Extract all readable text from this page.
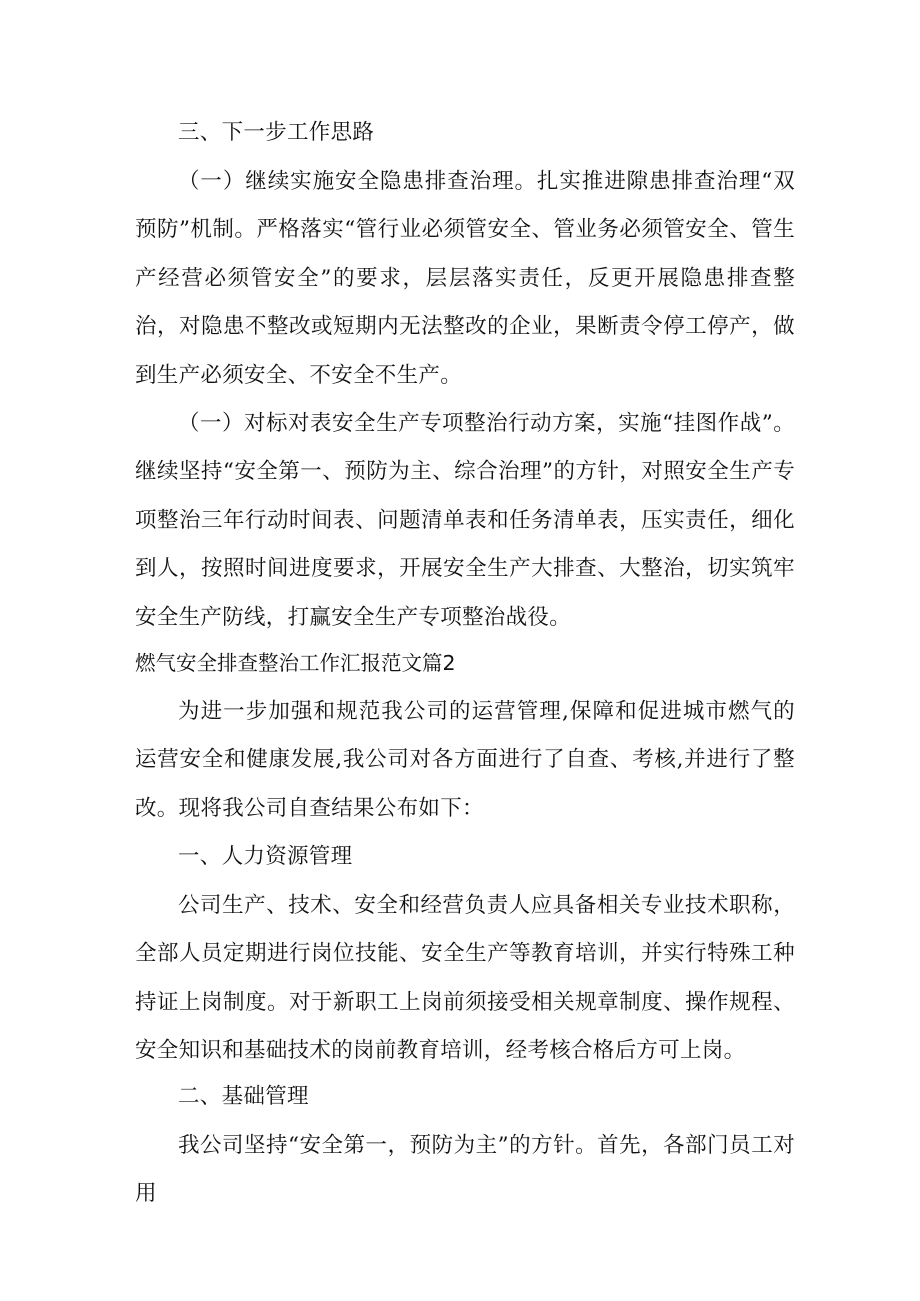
三、下一步工作思路

（一）继续实施安全隐患排查治理。扎实推进隙患排查治理“双预防”机制。严格落实“管行业必须管安全、管业务必须管安全、管生产经营必须管安全”的要求，层层落实责任，反更开展隐患排查整治，对隐患不整改或短期内无法整改的企业，果断责令停工停产，做到生产必须安全、不安全不生产。

（一）对标对表安全生产专项整治行动方案，实施“挂图作战”。继续坚持“安全第一、预防为主、综合治理”的方针，对照安全生产专项整治三年行动时间表、问题清单表和任务清单表，压实责任，细化到人，按照时间进度要求，开展安全生产大排查、大整治，切实筑牢安全生产防线，打赢安全生产专项整治战役。

燃气安全排查整治工作汇报范文篇2

为进一步加强和规范我公司的运营管理,保障和促进城市燃气的运营安全和健康发展,我公司对各方面进行了自查、考核,并进行了整改。现将我公司自查结果公布如下：

一、人力资源管理

公司生产、技术、安全和经营负责人应具备相关专业技术职称，全部人员定期进行岗位技能、安全生产等教育培训，并实行特殊工种持证上岗制度。对于新职工上岗前须接受相关规章制度、操作规程、安全知识和基础技术的岗前教育培训，经考核合格后方可上岗。

二、基础管理

我公司坚持“安全第一，预防为主”的方针。首先，各部门员工对用
